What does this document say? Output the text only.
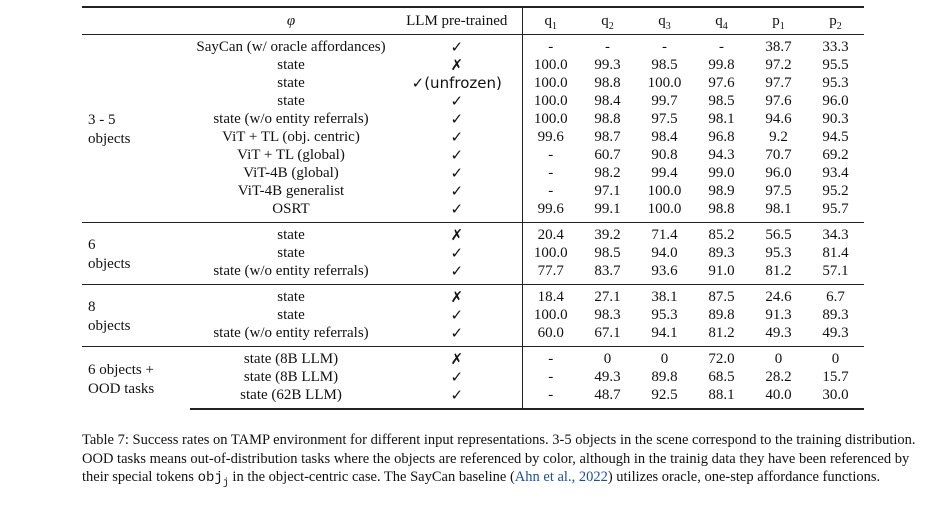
	φ	LLM pre-trained	$q_1$	$q_2$	$q_3$	$q_4$	$p_1$	$p_2$

3 - 5
objects	SayCan (w/ oracle affordances)	✓	-	-	-	-	38.7	33.3
	state	✗	100.0	99.3	98.5	99.8	97.2	95.5
	state	✓(unfrozen)	100.0	98.8	100.0	97.6	97.7	95.3
	state	✓	100.0	98.4	99.7	98.5	97.6	96.0
	state (w/o entity referrals)	✓	100.0	98.8	97.5	98.1	94.6	90.3
	ViT + TL (obj. centric)	✓	99.6	98.7	98.4	96.8	9.2	94.5
	ViT + TL (global)	✓	-	60.7	90.8	94.3	70.7	69.2
	ViT-4B (global)	✓	-	98.2	99.4	99.0	96.0	93.4
	ViT-4B generalist	✓	-	97.1	100.0	98.9	97.5	95.2
	OSRT	✓	99.6	99.1	100.0	98.8	98.1	95.7

6
objects	state	✗	20.4	39.2	71.4	85.2	56.5	34.3
	state	✓	100.0	98.5	94.0	89.3	95.3	81.4
	state (w/o entity referrals)	✓	77.7	83.7	93.6	91.0	81.2	57.1

8
objects	state	✗	18.4	27.1	38.1	87.5	24.6	6.7
	state	✓	100.0	98.3	95.3	89.8	91.3	89.3
	state (w/o entity referrals)	✓	60.0	67.1	94.1	81.2	49.3	49.3

6 objects +
OOD tasks	state (8B LLM)	✗	-	0	0	72.0	0	0
	state (8B LLM)	✓	-	49.3	89.8	68.5	28.2	15.7
	state (62B LLM)	✓	-	48.7	92.5	88.1	40.0	30.0
Table 7: Success rates on TAMP environment for different input representations. 3-5 objects in the scene correspond to the training distribution. OOD tasks means out-of-distribution tasks where the objects are referenced by color, although in the trainig data they have been referenced by their special tokens obj$_j$ in the object-centric case. The SayCan baseline (Ahn et al., 2022) utilizes oracle, one-step affordance functions.
